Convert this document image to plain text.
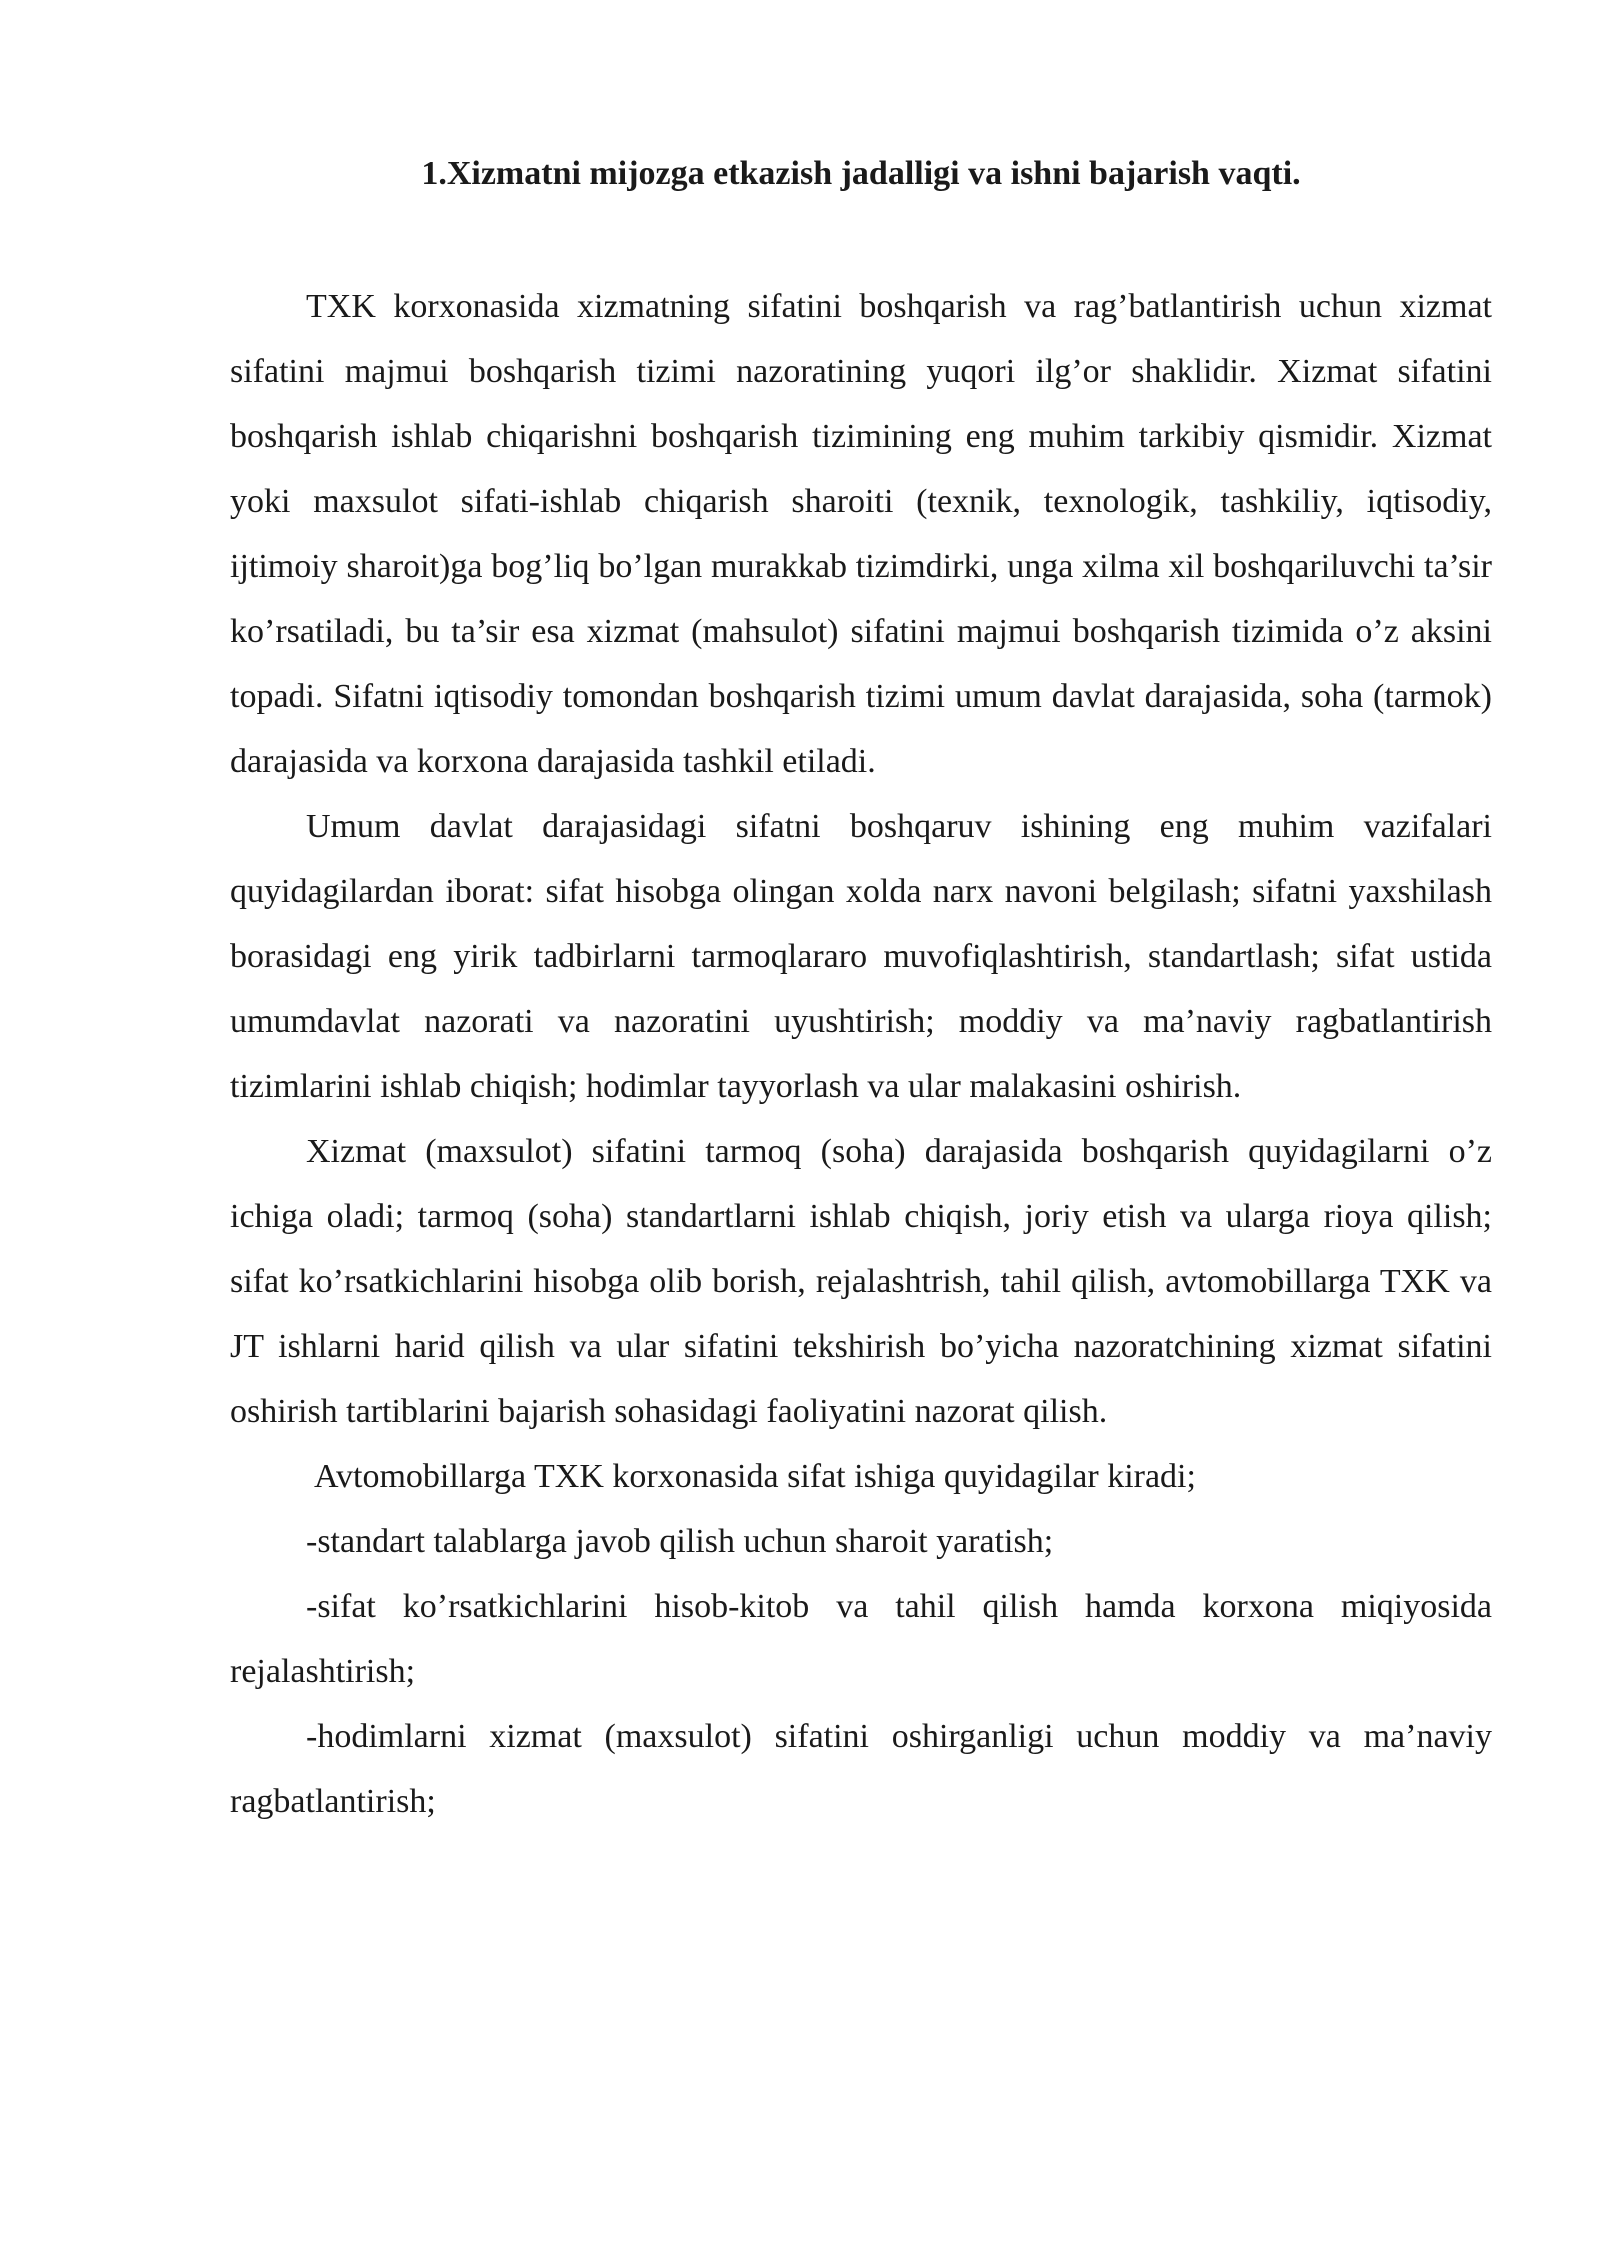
1.Xizmatni mijozga etkazish jadalligi va ishni bajarish vaqti.

TXK korxonasida xizmatning sifatini boshqarish va rag’batlantirish uchun xizmat sifatini majmui boshqarish tizimi nazoratining yuqori ilg’or shaklidir. Xizmat sifatini boshqarish ishlab chiqarishni boshqarish tizimining eng muhim tarkibiy qismidir. Xizmat yoki maxsulot sifati-ishlab chiqarish sharoiti (texnik, texnologik, tashkiliy, iqtisodiy, ijtimoiy sharoit)ga bog’liq bo’lgan murakkab tizimdirki, unga xilma xil boshqariluvchi ta’sir ko’rsatiladi, bu ta’sir esa xizmat (mahsulot) sifatini majmui boshqarish tizimida o’z aksini topadi. Sifatni iqtisodiy tomondan boshqarish tizimi umum davlat darajasida, soha (tarmok) darajasida va korxona darajasida tashkil etiladi.

Umum davlat darajasidagi sifatni boshqaruv ishining eng muhim vazifalari quyidagilardan iborat: sifat hisobga olingan xolda narx navoni belgilash; sifatni yaxshilash borasidagi eng yirik tadbirlarni tarmoqlararo muvofiqlashtirish, standartlash; sifat ustida umumdavlat nazorati va nazoratini uyushtirish; moddiy va ma’naviy ragbatlantirish tizimlarini ishlab chiqish; hodimlar tayyorlash va ular malakasini oshirish.

Xizmat (maxsulot) sifatini tarmoq (soha) darajasida boshqarish quyidagilarni o’z ichiga oladi; tarmoq (soha) standartlarni ishlab chiqish, joriy etish va ularga rioya qilish; sifat ko’rsatkichlarini hisobga olib borish, rejalashtrish, tahil qilish, avtomobillarga TXK va JT ishlarni harid qilish va ular sifatini tekshirish bo’yicha nazoratchining xizmat sifatini oshirish tartiblarini bajarish sohasidagi faoliyatini nazorat qilish.

Avtomobillarga TXK korxonasida sifat ishiga quyidagilar kiradi;

-standart talablarga javob qilish uchun sharoit yaratish;

-sifat ko’rsatkichlarini hisob-kitob va tahil qilish hamda korxona miqiyosida rejalashtirish;

-hodimlarni xizmat (maxsulot) sifatini oshirganligi uchun moddiy va ma’naviy ragbatlantirish;
